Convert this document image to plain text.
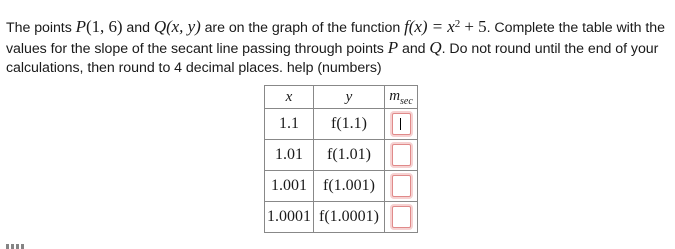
The points P(1, 6) and Q(x, y) are on the graph of the function $f(x) = x^2 + 5$. Complete the table with the values for the slope of the secant line passing through points P and Q. Do not round until the end of your calculations, then round to 4 decimal places. help (numbers)
x	y	$m_{sec}$
1.1	f(1.1)	
1.01	f(1.01)	
1.001	f(1.001)	
1.0001	f(1.0001)	
